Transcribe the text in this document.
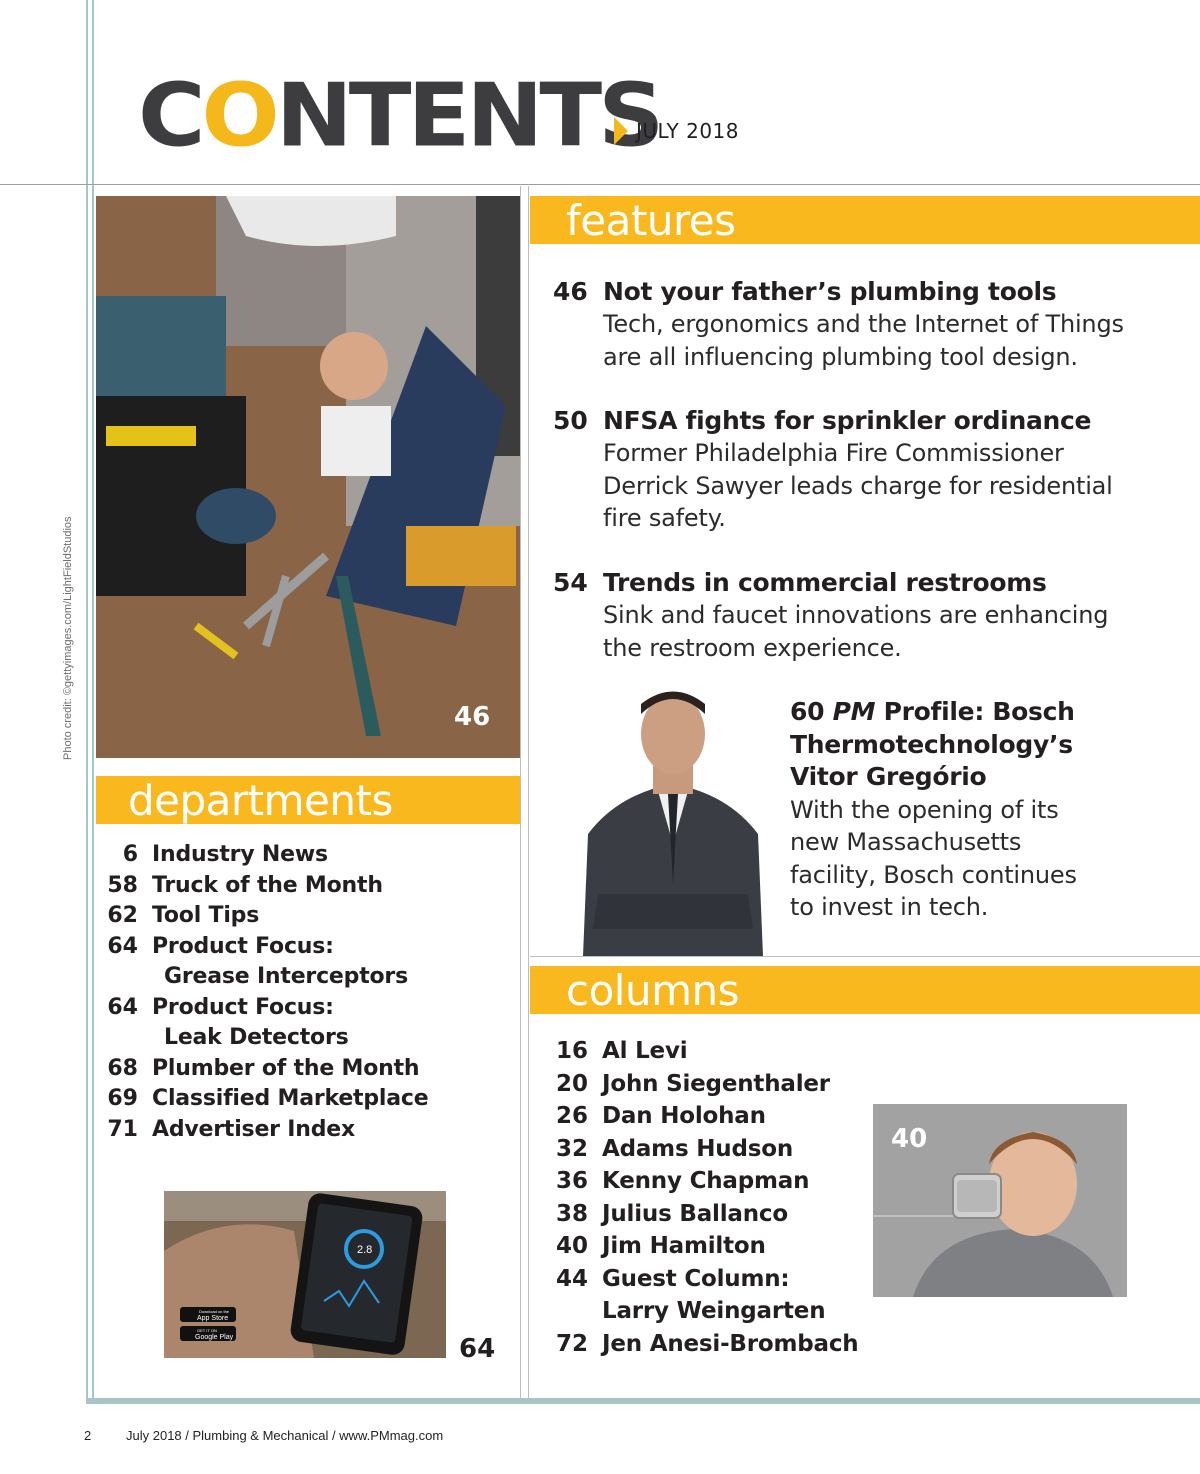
CONTENTS
JULY 2018
Photo credit: ©gettyimages.com/LightFieldStudios	46
features
46 Not your father’s plumbing tools
Tech, ergonomics and the Internet of Things
are all influencing plumbing tool design.
50 NFSA fights for sprinkler ordinance
Former Philadelphia Fire Commissioner
Derrick Sawyer leads charge for residential
fire safety.
54 Trends in commercial restrooms
Sink and faucet innovations are enhancing
the restroom experience.
60 PM Profile: Bosch
Thermotechnology’s
Vitor Gregório
With the opening of its
new Massachusetts
facility, Bosch continues
to invest in tech.
departments
6 Industry News
58 Truck of the Month
62 Tool Tips
64 Product Focus:
Grease Interceptors
64 Product Focus:
Leak Detectors
68 Plumber of the Month
69 Classified Marketplace
71 Advertiser Index
2.8
Download on the
App Store
GET IT ON
Google Play	64
columns
16 Al Levi
20 John Siegenthaler
26 Dan Holohan
32 Adams Hudson
36 Kenny Chapman
38 Julius Ballanco
40 Jim Hamilton
44 Guest Column:
Larry Weingarten
72 Jen Anesi-Brombach
40
2	July 2018 / Plumbing & Mechanical / www.PMmag.com
